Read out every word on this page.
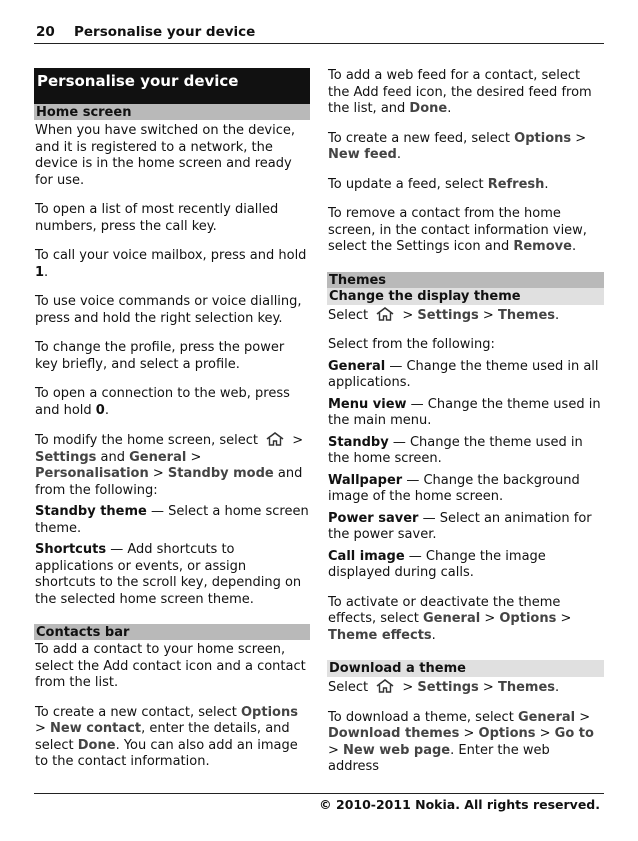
20 Personalise your device
Personalise your device
Home screen

When you have switched on the device, and it is registered to a network, the device is in the home screen and ready for use.

To open a list of most recently dialled numbers, press the call key.

To call your voice mailbox, press and hold 1.

To use voice commands or voice dialling, press and hold the right selection key.

To change the profile, press the power key briefly, and select a profile.

To open a connection to the web, press and hold 0.

To modify the home screen, select
> Settings and General > Personalisation > Standby mode and from the following:

Standby theme — Select a home screen theme.

Shortcuts — Add shortcuts to applications or events, or assign shortcuts to the scroll key, depending on the selected home screen theme.

Contacts bar

To add a contact to your home screen, select the Add contact icon and a contact from the list.

To create a new contact, select Options > New contact, enter the details, and select Done. You can also add an image to the contact information.

To add a web feed for a contact, select the Add feed icon, the desired feed from the list, and Done.

To create a new feed, select Options > New feed.

To update a feed, select Refresh.

To remove a contact from the home screen, in the contact information view, select the Settings icon and Remove.

Themes
Change the display theme

Select
> Settings > Themes.

Select from the following:

General — Change the theme used in all applications.

Menu view — Change the theme used in the main menu.

Standby — Change the theme used in the home screen.

Wallpaper — Change the background image of the home screen.

Power saver — Select an animation for the power saver.

Call image — Change the image displayed during calls.

To activate or deactivate the theme effects, select General > Options > Theme effects.

Download a theme

Select
> Settings > Themes.

To download a theme, select General > Download themes > Options > Go to > New web page. Enter the web address

© 2010-2011 Nokia. All rights reserved.
